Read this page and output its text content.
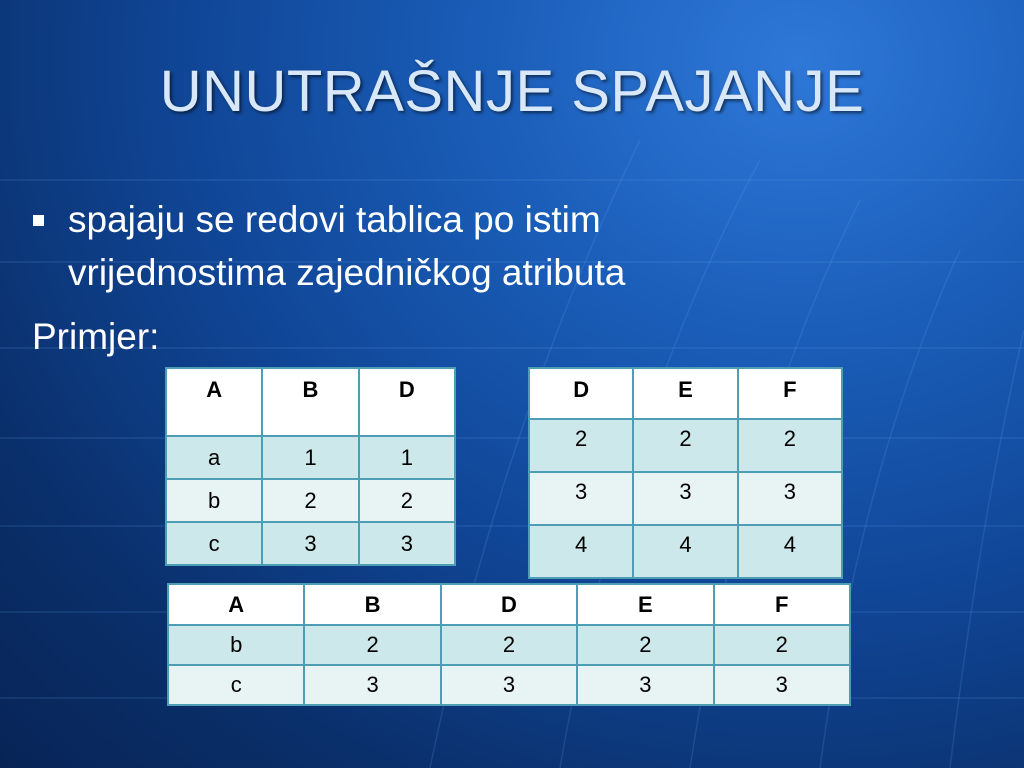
UNUTRAŠNJE SPAJANJE
spajaju se redovi tablica po istim vrijednostima zajedničkog atributa
Primjer:
A	B	D
a	1	1
b	2	2
c	3	3
D	E	F
2	2	2
3	3	3
4	4	4
A	B	D	E	F
b	2	2	2	2
c	3	3	3	3
